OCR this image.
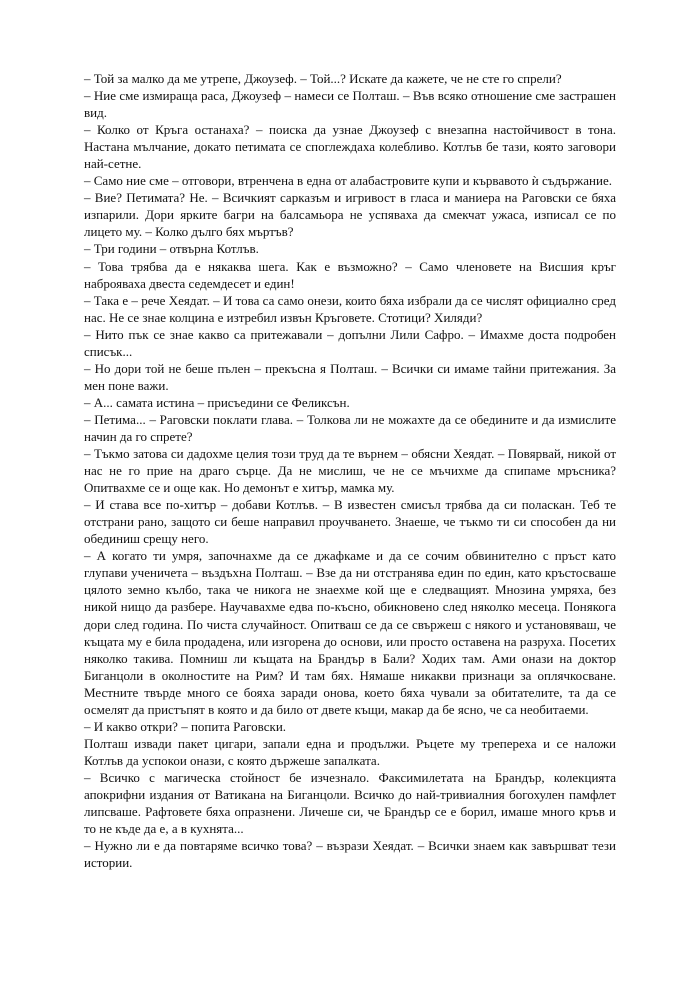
– Той за малко да ме утрепе, Джоузеф. – Той...? Искате да кажете, че не сте го спрели?

– Ние сме измираща раса, Джоузеф – намеси се Полташ. – Във всяко отношение сме застрашен вид.

– Колко от Кръга останаха? – поиска да узнае Джоузеф с внезапна настойчивост в тона. Настана мълчание, докато петимата се споглеждаха колебливо. Котлъв бе тази, която заговори най-сетне.

– Само ние сме – отговори, втренчена в една от алабастровите купи и кървавото ѝ съдържание.

– Вие? Петимата? Не. – Всичкият сарказъм и игривост в гласа и маниера на Раговски се бяха изпарили. Дори ярките багри на балсамьора не успяваха да смекчат ужаса, изписал се по лицето му. – Колко дълго бях мъртъв?

– Три години – отвърна Котлъв.

– Това трябва да е някаква шега. Как е възможно? – Само членовете на Висшия кръг наброяваха двеста седемдесет и един!

– Така е – рече Хеядат. – И това са само онези, които бяха избрали да се числят официално сред нас. Не се знае колцина е изтребил извън Кръговете. Стотици? Хиляди?

– Нито пък се знае какво са притежавали – допълни Лили Сафро. – Имахме доста подробен списък...

– Но дори той не беше пълен – прекъсна я Полташ. – Всички си имаме тайни притежания. За мен поне важи.

– А... самата истина – присъедини се Феликсън.

– Петима... – Раговски поклати глава. – Толкова ли не можахте да се обедините и да измислите начин да го спрете?

– Тъкмо затова си дадохме целия този труд да те върнем – обясни Хеядат. – Повярвай, никой от нас не го прие на драго сърце. Да не мислиш, че не се мъчихме да спипаме мръсника? Опитвахме се и още как. Но демонът е хитър, мамка му.

– И става все по-хитър – добави Котлъв. – В известен смисъл трябва да си поласкан. Теб те отстрани рано, защото си беше направил проучването. Знаеше, че тъкмо ти си способен да ни обединиш срещу него.

– А когато ти умря, започнахме да се джафкаме и да се сочим обвинително с пръст като глупави ученичета – въздъхна Полташ. – Взе да ни отстранява един по един, като кръстосваше цялото земно кълбо, така че никога не знаехме кой ще е следващият. Мнозина умряха, без никой нищо да разбере. Научавахме едва по-късно, обикновено след няколко месеца. Понякога дори след година. По чиста случайност. Опитваш се да се свържеш с някого и установяваш, че къщата му е била продадена, или изгорена до основи, или просто оставена на разруха. Посетих няколко такива. Помниш ли къщата на Брандър в Бали? Ходих там. Ами онази на доктор Биганцоли в околностите на Рим? И там бях. Нямаше никакви признаци за оплячкосване. Местните твърде много се бояха заради онова, което бяха чували за обитателите, та да се осмелят да пристъпят в която и да било от двете къщи, макар да бе ясно, че са необитаеми.

– И какво откри? – попита Раговски.

Полташ извади пакет цигари, запали една и продължи. Ръцете му трепереха и се наложи Котлъв да успокои онази, с която държеше запалката.

– Всичко с магическа стойност бе изчезнало. Факсимилетата на Брандър, колекцията апокрифни издания от Ватикана на Биганцоли. Всичко до най-тривиалния богохулен памфлет липсваше. Рафтовете бяха опразнени. Личеше си, че Брандър се е борил, имаше много кръв и то не къде да е, а в кухнята...

– Нужно ли е да повтаряме всичко това? – възрази Хеядат. – Всички знаем как завършват тези истории.
